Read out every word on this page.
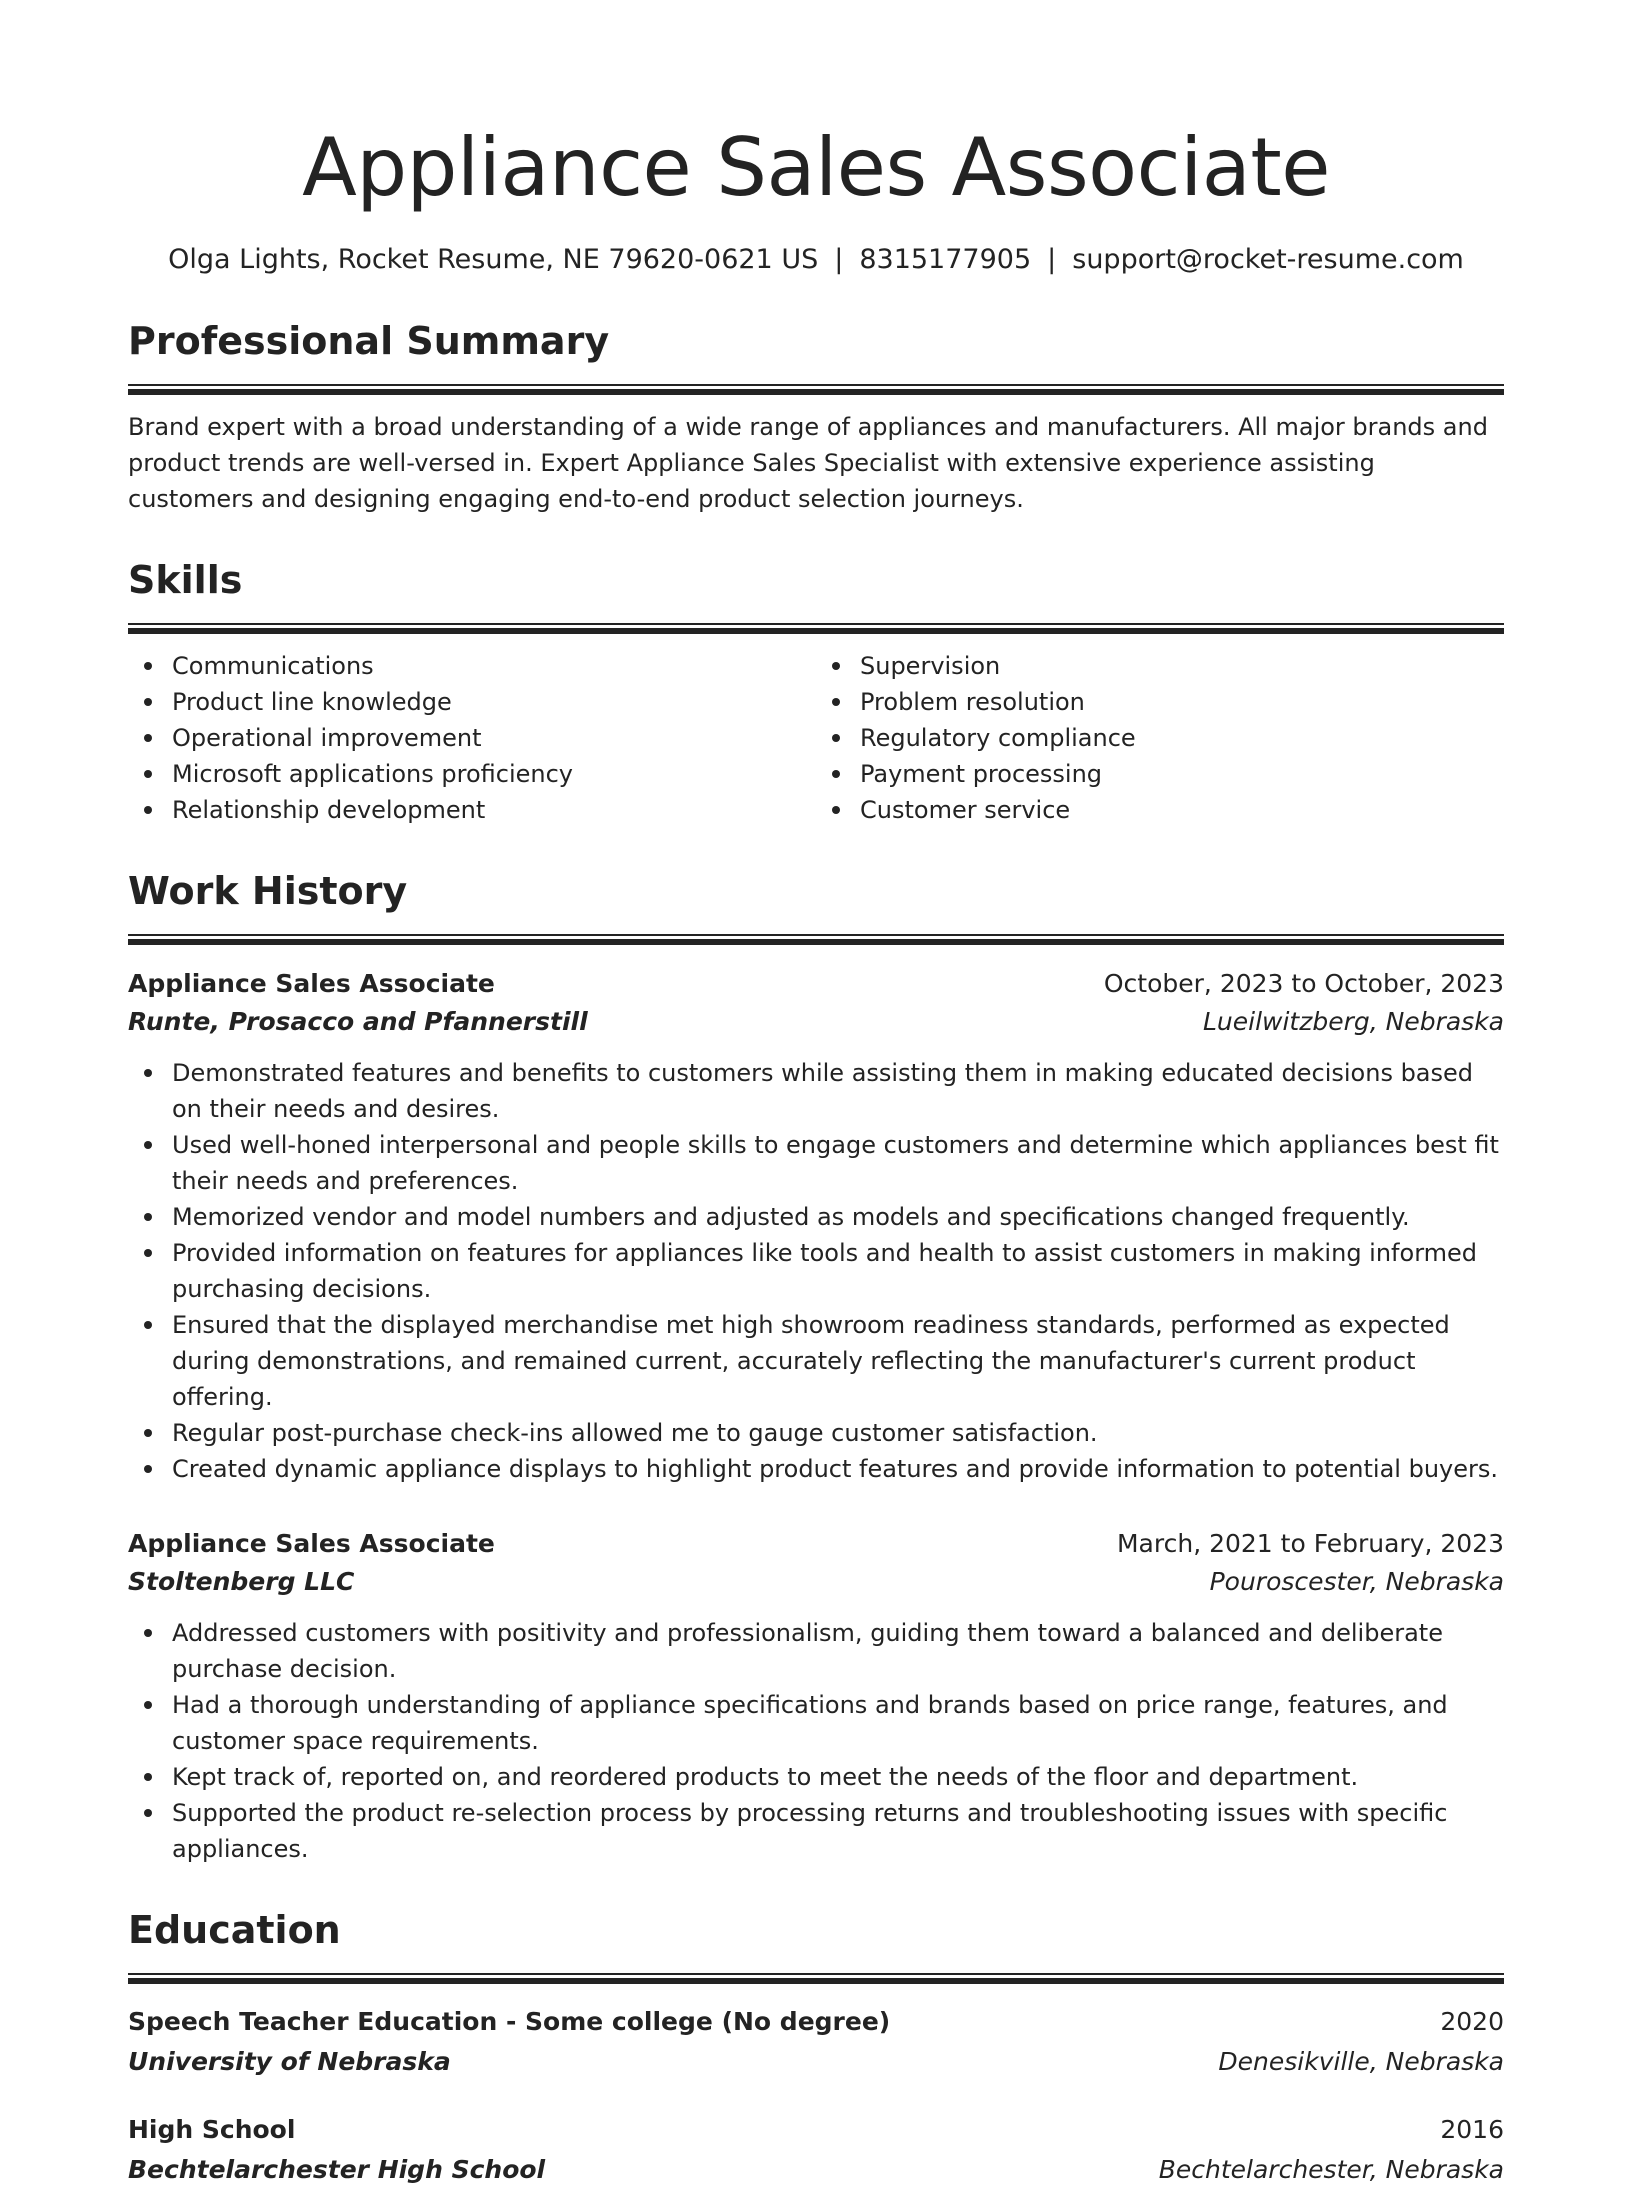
Appliance Sales Associate
Olga Lights, Rocket Resume, NE 79620-0621 US | 8315177905 | support@rocket-resume.com
Professional Summary

Brand expert with a broad understanding of a wide range of appliances and manufacturers. All major brands and product trends are well-versed in. Expert Appliance Sales Specialist with extensive experience assisting customers and designing engaging end-to-end product selection journeys.

Skills
Communications
Product line knowledge
Operational improvement
Microsoft applications proficiency
Relationship development
Supervision
Problem resolution
Regulatory compliance
Payment processing
Customer service
Work History
Appliance Sales Associate	October, 2023 to October, 2023
Runte, Prosacco and Pfannerstill	Lueilwitzberg, Nebraska
Demonstrated features and benefits to customers while assisting them in making educated decisions based on their needs and desires.
Used well-honed interpersonal and people skills to engage customers and determine which appliances best fit their needs and preferences.
Memorized vendor and model numbers and adjusted as models and specifications changed frequently.
Provided information on features for appliances like tools and health to assist customers in making informed purchasing decisions.
Ensured that the displayed merchandise met high showroom readiness standards, performed as expected during demonstrations, and remained current, accurately reflecting the manufacturer's current product offering.
Regular post-purchase check-ins allowed me to gauge customer satisfaction.
Created dynamic appliance displays to highlight product features and provide information to potential buyers.
Appliance Sales Associate	March, 2021 to February, 2023
Stoltenberg LLC	Pouroscester, Nebraska
Addressed customers with positivity and professionalism, guiding them toward a balanced and deliberate purchase decision.
Had a thorough understanding of appliance specifications and brands based on price range, features, and customer space requirements.
Kept track of, reported on, and reordered products to meet the needs of the floor and department.
Supported the product re-selection process by processing returns and troubleshooting issues with specific appliances.
Education
Speech Teacher Education - Some college (No degree)	2020
University of Nebraska	Denesikville, Nebraska
High School	2016
Bechtelarchester High School	Bechtelarchester, Nebraska
